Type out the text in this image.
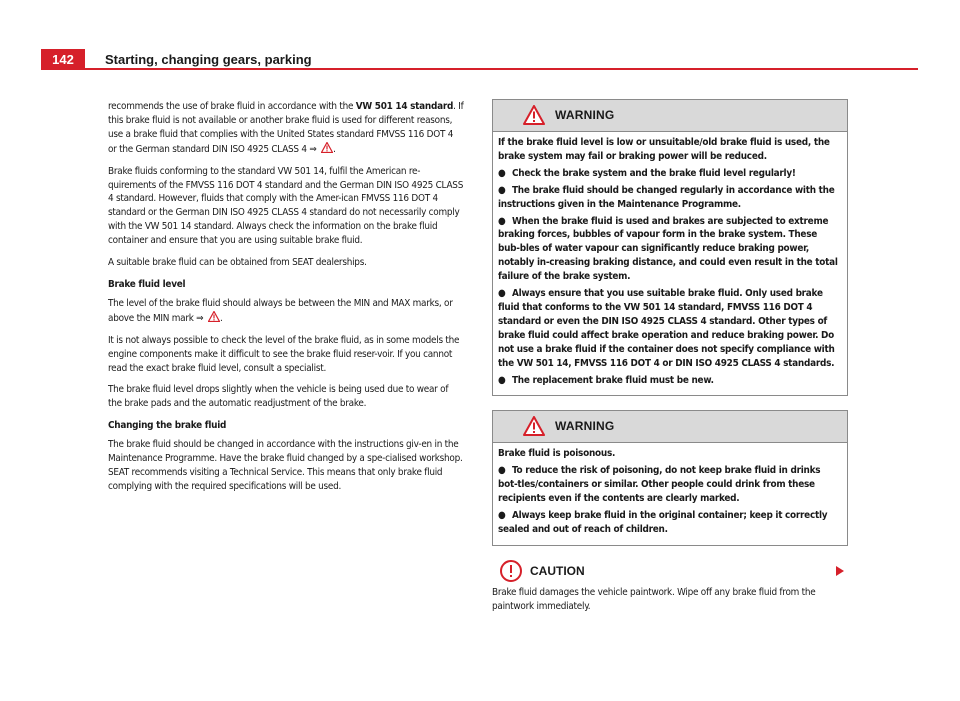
142	Starting, changing gears, parking

recommends the use of brake fluid in accordance with the VW 501 14 standard. If this brake fluid is not available or another brake fluid is used for different reasons, use a brake fluid that complies with the United States standard FMVSS 116 DOT 4 or the German standard DIN ISO 4925 CLASS 4 ⇒ .

Brake fluids conforming to the standard VW 501 14, fulfil the American re-quirements of the FMVSS 116 DOT 4 standard and the German DIN ISO 4925 CLASS 4 standard. However, fluids that comply with the Amer-ican FMVSS 116 DOT 4 standard or the German DIN ISO 4925 CLASS 4 standard do not necessarily comply with the VW 501 14 standard. Always check the information on the brake fluid container and ensure that you are using suitable brake fluid.

A suitable brake fluid can be obtained from SEAT dealerships.

Brake fluid level

The level of the brake fluid should always be between the MIN and MAX marks, or above the MIN mark ⇒ .

It is not always possible to check the level of the brake fluid, as in some models the engine components make it difficult to see the brake fluid reser-voir. If you cannot read the exact brake fluid level, consult a specialist.

The brake fluid level drops slightly when the vehicle is being used due to wear of the brake pads and the automatic readjustment of the brake.

Changing the brake fluid

The brake fluid should be changed in accordance with the instructions giv-en in the Maintenance Programme. Have the brake fluid changed by a spe-cialised workshop. SEAT recommends visiting a Technical Service. This means that only brake fluid complying with the required specifications will be used.

WARNING

If the brake fluid level is low or unsuitable/old brake fluid is used, the brake system may fail or braking power will be reduced.

● Check the brake system and the brake fluid level regularly!

● The brake fluid should be changed regularly in accordance with the instructions given in the Maintenance Programme.

● When the brake fluid is used and brakes are subjected to extreme braking forces, bubbles of vapour form in the brake system. These bub-bles of water vapour can significantly reduce braking power, notably in-creasing braking distance, and could even result in the total failure of the brake system.

● Always ensure that you use suitable brake fluid. Only used brake fluid that conforms to the VW 501 14 standard, FMVSS 116 DOT 4 standard or even the DIN ISO 4925 CLASS 4 standard. Other types of brake fluid could affect brake operation and reduce braking power. Do not use a brake fluid if the container does not specify compliance with the VW 501 14, FMVSS 116 DOT 4 or DIN ISO 4925 CLASS 4 standards.

● The replacement brake fluid must be new.

WARNING

Brake fluid is poisonous.

● To reduce the risk of poisoning, do not keep brake fluid in drinks bot-tles/containers or similar. Other people could drink from these recipients even if the contents are clearly marked.

● Always keep brake fluid in the original container; keep it correctly sealed and out of reach of children.

CAUTION
Brake fluid damages the vehicle paintwork. Wipe off any brake fluid from the paintwork immediately.
